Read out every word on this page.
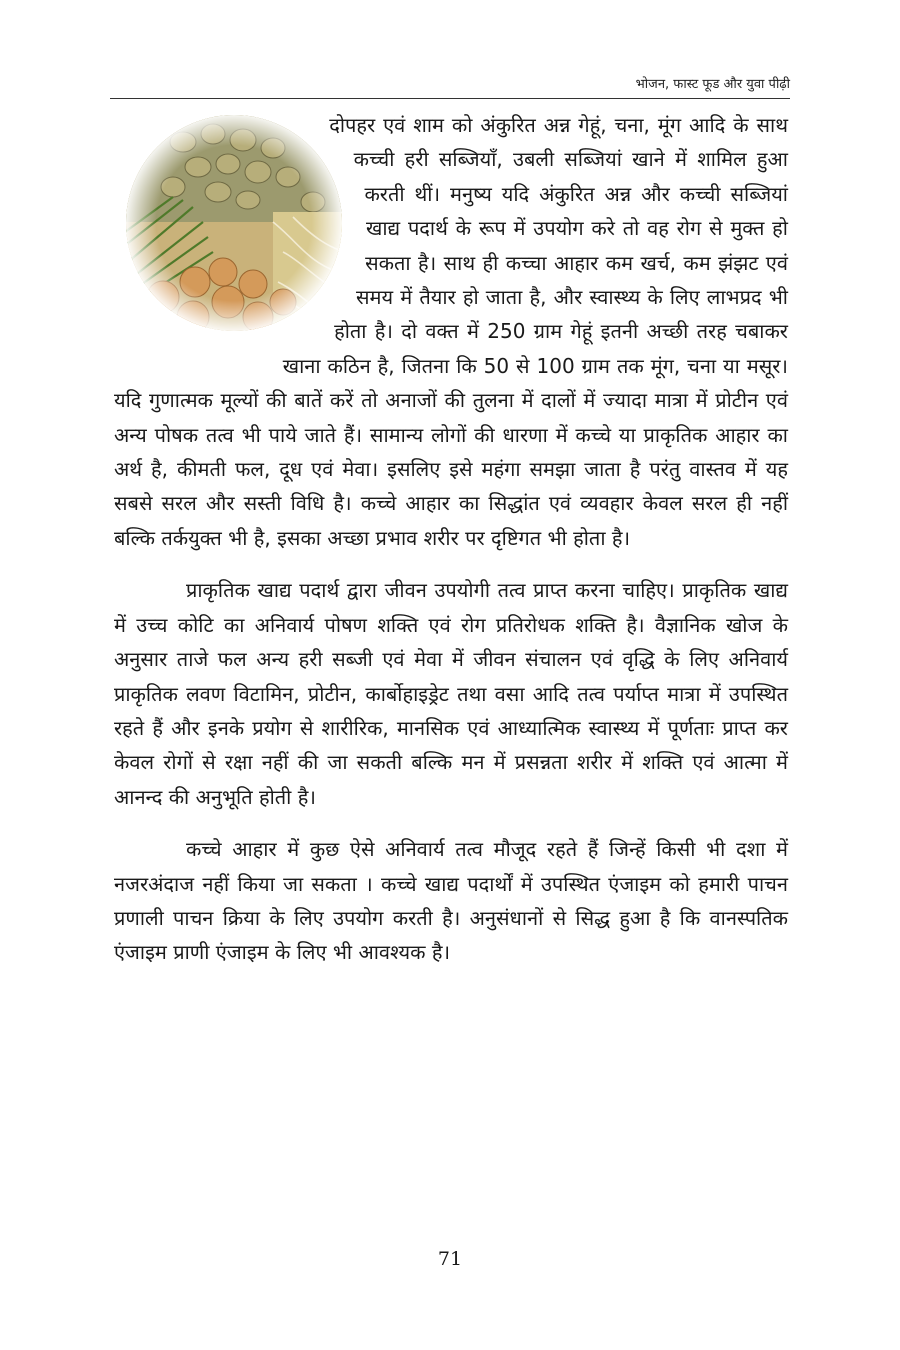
भोजन, फास्ट फूड और युवा पीढ़ी

दोपहर एवं शाम को अंकुरित अन्न गेहूं, चना, मूंग आदि के साथ कच्ची हरी सब्जियॉं, उबली सब्जियां खाने में शामिल हुआ करती थीं। मनुष्य यदि अंकुरित अन्न और कच्ची सब्जियां खाद्य पदार्थ के रूप में उपयोग करे तो वह रोग से मुक्त हो सकता है। साथ ही कच्चा आहार कम खर्च, कम झंझट एवं समय में तैयार हो जाता है, और स्वास्थ्य के लिए लाभप्रद भी होता है। दो वक्त में 250 ग्राम गेहूं इतनी अच्छी तरह चबाकर खाना कठिन है, जितना कि 50 से 100 ग्राम तक मूंग, चना या मसूर। यदि गुणात्मक मूल्यों की बातें करें तो अनाजों की तुलना में दालों में ज्यादा मात्रा में प्रोटीन एवं अन्य पोषक तत्व भी पाये जाते हैं। सामान्य लोगों की धारणा में कच्चे या प्राकृतिक आहार का अर्थ है, कीमती फल, दूध एवं मेवा। इसलिए इसे महंगा समझा जाता है परंतु वास्तव में यह सबसे सरल और सस्ती विधि है। कच्चे आहार का सिद्धांत एवं व्यवहार केवल सरल ही नहीं बल्कि तर्कयुक्त भी है, इसका अच्छा प्रभाव शरीर पर दृष्टिगत भी होता है।

प्राकृतिक खाद्य पदार्थ द्वारा जीवन उपयोगी तत्व प्राप्त करना चाहिए। प्राकृतिक खाद्य में उच्च कोटि का अनिवार्य पोषण शक्ति एवं रोग प्रतिरोधक शक्ति है। वैज्ञानिक खोज के अनुसार ताजे फल अन्य हरी सब्जी एवं मेवा में जीवन संचालन एवं वृद्धि के लिए अनिवार्य प्राकृतिक लवण विटामिन, प्रोटीन, कार्बोहाइड्रेट तथा वसा आदि तत्व पर्याप्त मात्रा में उपस्थित रहते हैं और इनके प्रयोग से शारीरिक, मानसिक एवं आध्यात्मिक स्वास्थ्य में पूर्णताः प्राप्त कर केवल रोगों से रक्षा नहीं की जा सकती बल्कि मन में प्रसन्नता शरीर में शक्ति एवं आत्मा में आनन्द की अनुभूति होती है।

कच्चे आहार में कुछ ऐसे अनिवार्य तत्व मौजूद रहते हैं जिन्हें किसी भी दशा में नजरअंदाज नहीं किया जा सकता । कच्चे खाद्य पदार्थों में उपस्थित एंजाइम को हमारी पाचन प्रणाली पाचन क्रिया के लिए उपयोग करती है। अनुसंधानों से सिद्ध हुआ है कि वानस्पतिक एंजाइम प्राणी एंजाइम के लिए भी आवश्यक है।

71
